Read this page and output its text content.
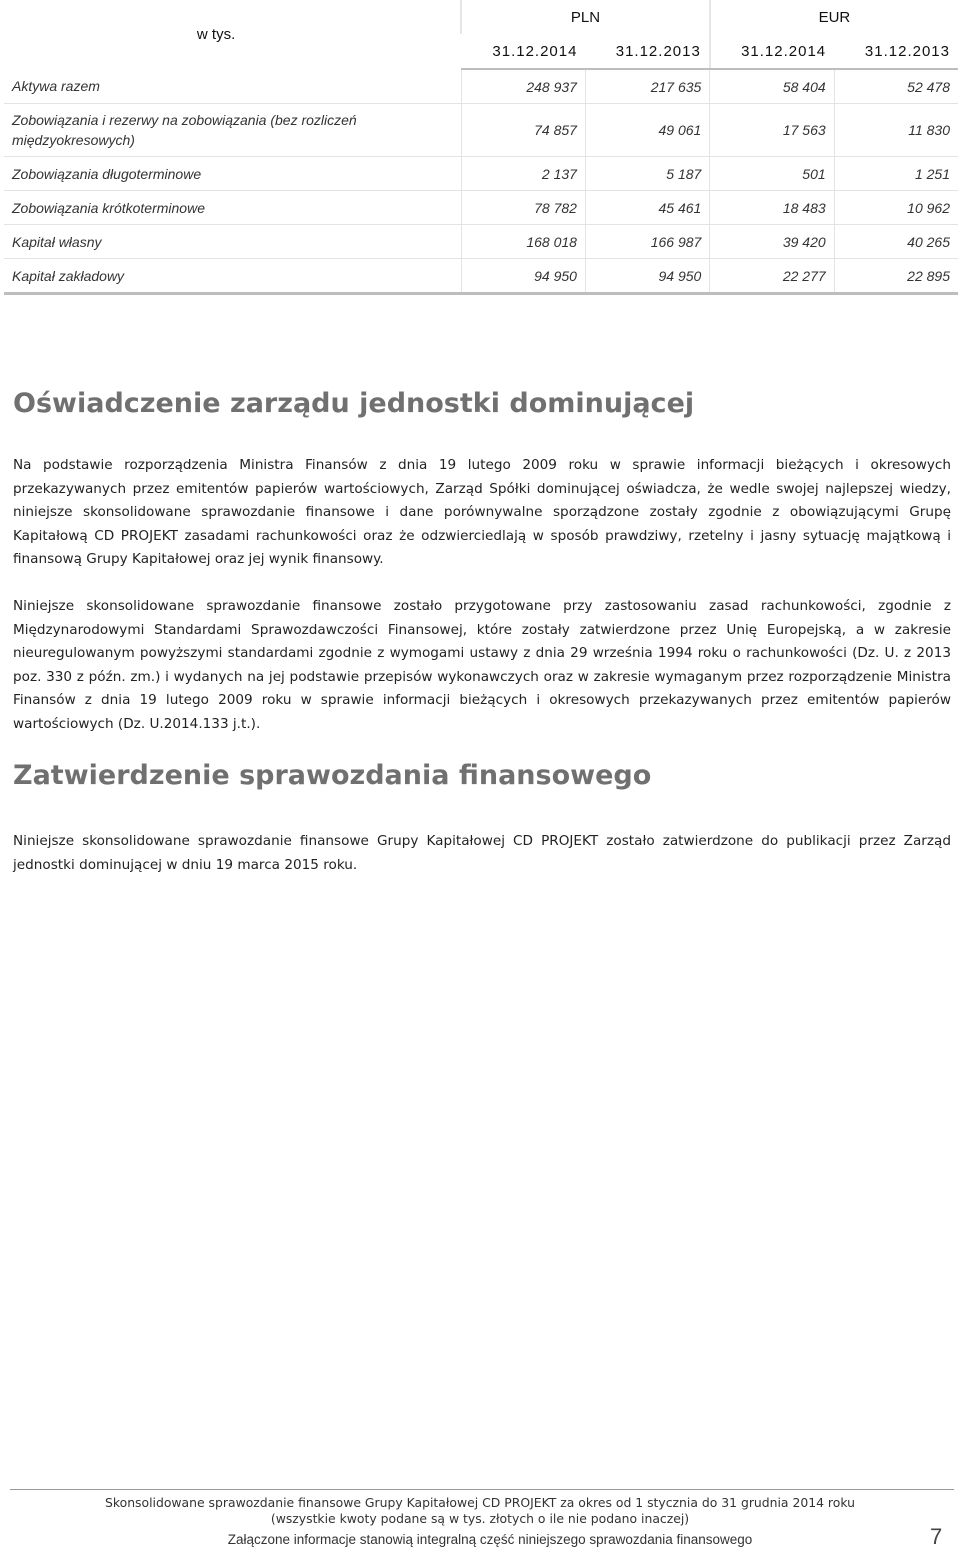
w tys.	PLN		EUR	
	31.12.2014	31.12.2013	31.12.2014	31.12.2013
Aktywa razem	248 937	217 635	58 404	52 478
Zobowiązania i rezerwy na zobowiązania (bez rozliczeń międzyokresowych)	74 857	49 061	17 563	11 830
Zobowiązania długoterminowe	2 137	5 187	501	1 251
Zobowiązania krótkoterminowe	78 782	45 461	18 483	10 962
Kapitał własny	168 018	166 987	39 420	40 265
Kapitał zakładowy	94 950	94 950	22 277	22 895
Oświadczenie zarządu jednostki dominującej

Na podstawie rozporządzenia Ministra Finansów z dnia 19 lutego 2009 roku w sprawie informacji bieżących i okresowych przekazywanych przez emitentów papierów wartościowych, Zarząd Spółki dominującej oświadcza, że wedle swojej najlepszej wiedzy, niniejsze skonsolidowane sprawozdanie finansowe i dane porównywalne sporządzone zostały zgodnie z obowiązującymi Grupę Kapitałową CD PROJEKT zasadami rachunkowości oraz że odzwierciedlają w sposób prawdziwy, rzetelny i jasny sytuację majątkową i finansową Grupy Kapitałowej oraz jej wynik finansowy.

Niniejsze skonsolidowane sprawozdanie finansowe zostało przygotowane przy zastosowaniu zasad rachunkowości, zgodnie z Międzynarodowymi Standardami Sprawozdawczości Finansowej, które zostały zatwierdzone przez Unię Europejską, a w zakresie nieuregulowanym powyższymi standardami zgodnie z wymogami ustawy z dnia 29 września 1994 roku o rachunkowości (Dz. U. z 2013 poz. 330 z późn. zm.) i wydanych na jej podstawie przepisów wykonawczych oraz w zakresie wymaganym przez rozporządzenie Ministra Finansów z dnia 19 lutego 2009 roku w sprawie informacji bieżących i okresowych przekazywanych przez emitentów papierów wartościowych (Dz. U.2014.133 j.t.).

Zatwierdzenie sprawozdania finansowego

Niniejsze skonsolidowane sprawozdanie finansowe Grupy Kapitałowej CD PROJEKT zostało zatwierdzone do publikacji przez Zarząd jednostki dominującej w dniu 19 marca 2015 roku.

Skonsolidowane sprawozdanie finansowe Grupy Kapitałowej CD PROJEKT za okres od 1 stycznia do 31 grudnia 2014 roku
(wszystkie kwoty podane są w tys. złotych o ile nie podano inaczej)
Załączone informacje stanowią integralną część niniejszego sprawozdania finansowego	7
